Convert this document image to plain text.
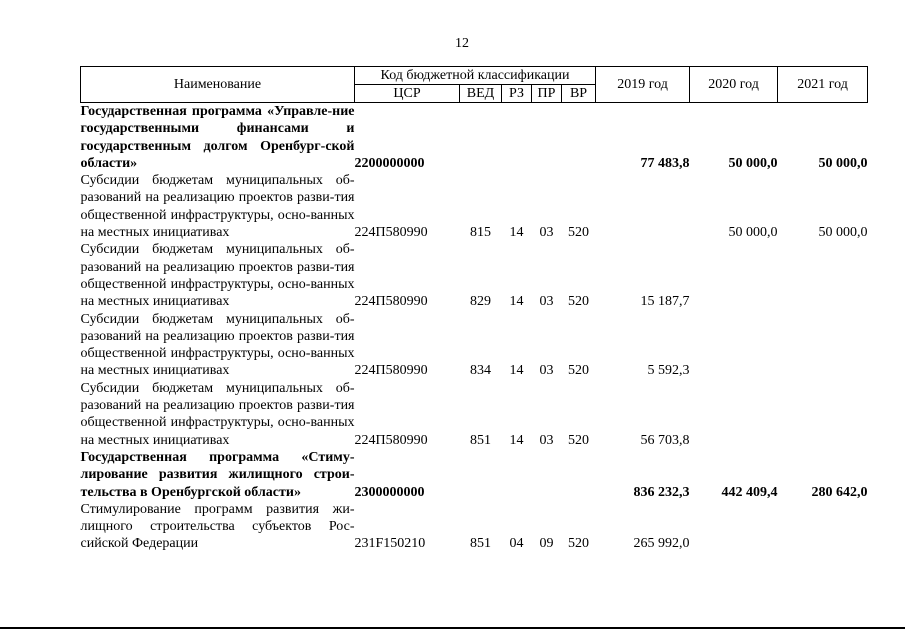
12
Наименование	Код бюджетной классификации					2019 год	2020 год	2021 год
	ЦСР	ВЕД	РЗ	ПР	ВР			
Государственная программа «Управле-ние государственными финансами и государственным долгом Оренбург-ской области»	2200000000					77 483,8	50 000,0	50 000,0
Субсидии бюджетам муниципальных об-разований на реализацию проектов разви-тия общественной инфраструктуры, осно-ванных на местных инициативах	224П580990	815	14	03	520		50 000,0	50 000,0
Субсидии бюджетам муниципальных об-разований на реализацию проектов разви-тия общественной инфраструктуры, осно-ванных на местных инициативах	224П580990	829	14	03	520	15 187,7		
Субсидии бюджетам муниципальных об-разований на реализацию проектов разви-тия общественной инфраструктуры, осно-ванных на местных инициативах	224П580990	834	14	03	520	5 592,3		
Субсидии бюджетам муниципальных об-разований на реализацию проектов разви-тия общественной инфраструктуры, осно-ванных на местных инициативах	224П580990	851	14	03	520	56 703,8		
Государственная программа «Стиму-лирование развития жилищного строи-тельства в Оренбургской области»	2300000000					836 232,3	442 409,4	280 642,0
Стимулирование программ развития жи-лищного строительства субъектов Рос-сийской Федерации	231F150210	851	04	09	520	265 992,0		
